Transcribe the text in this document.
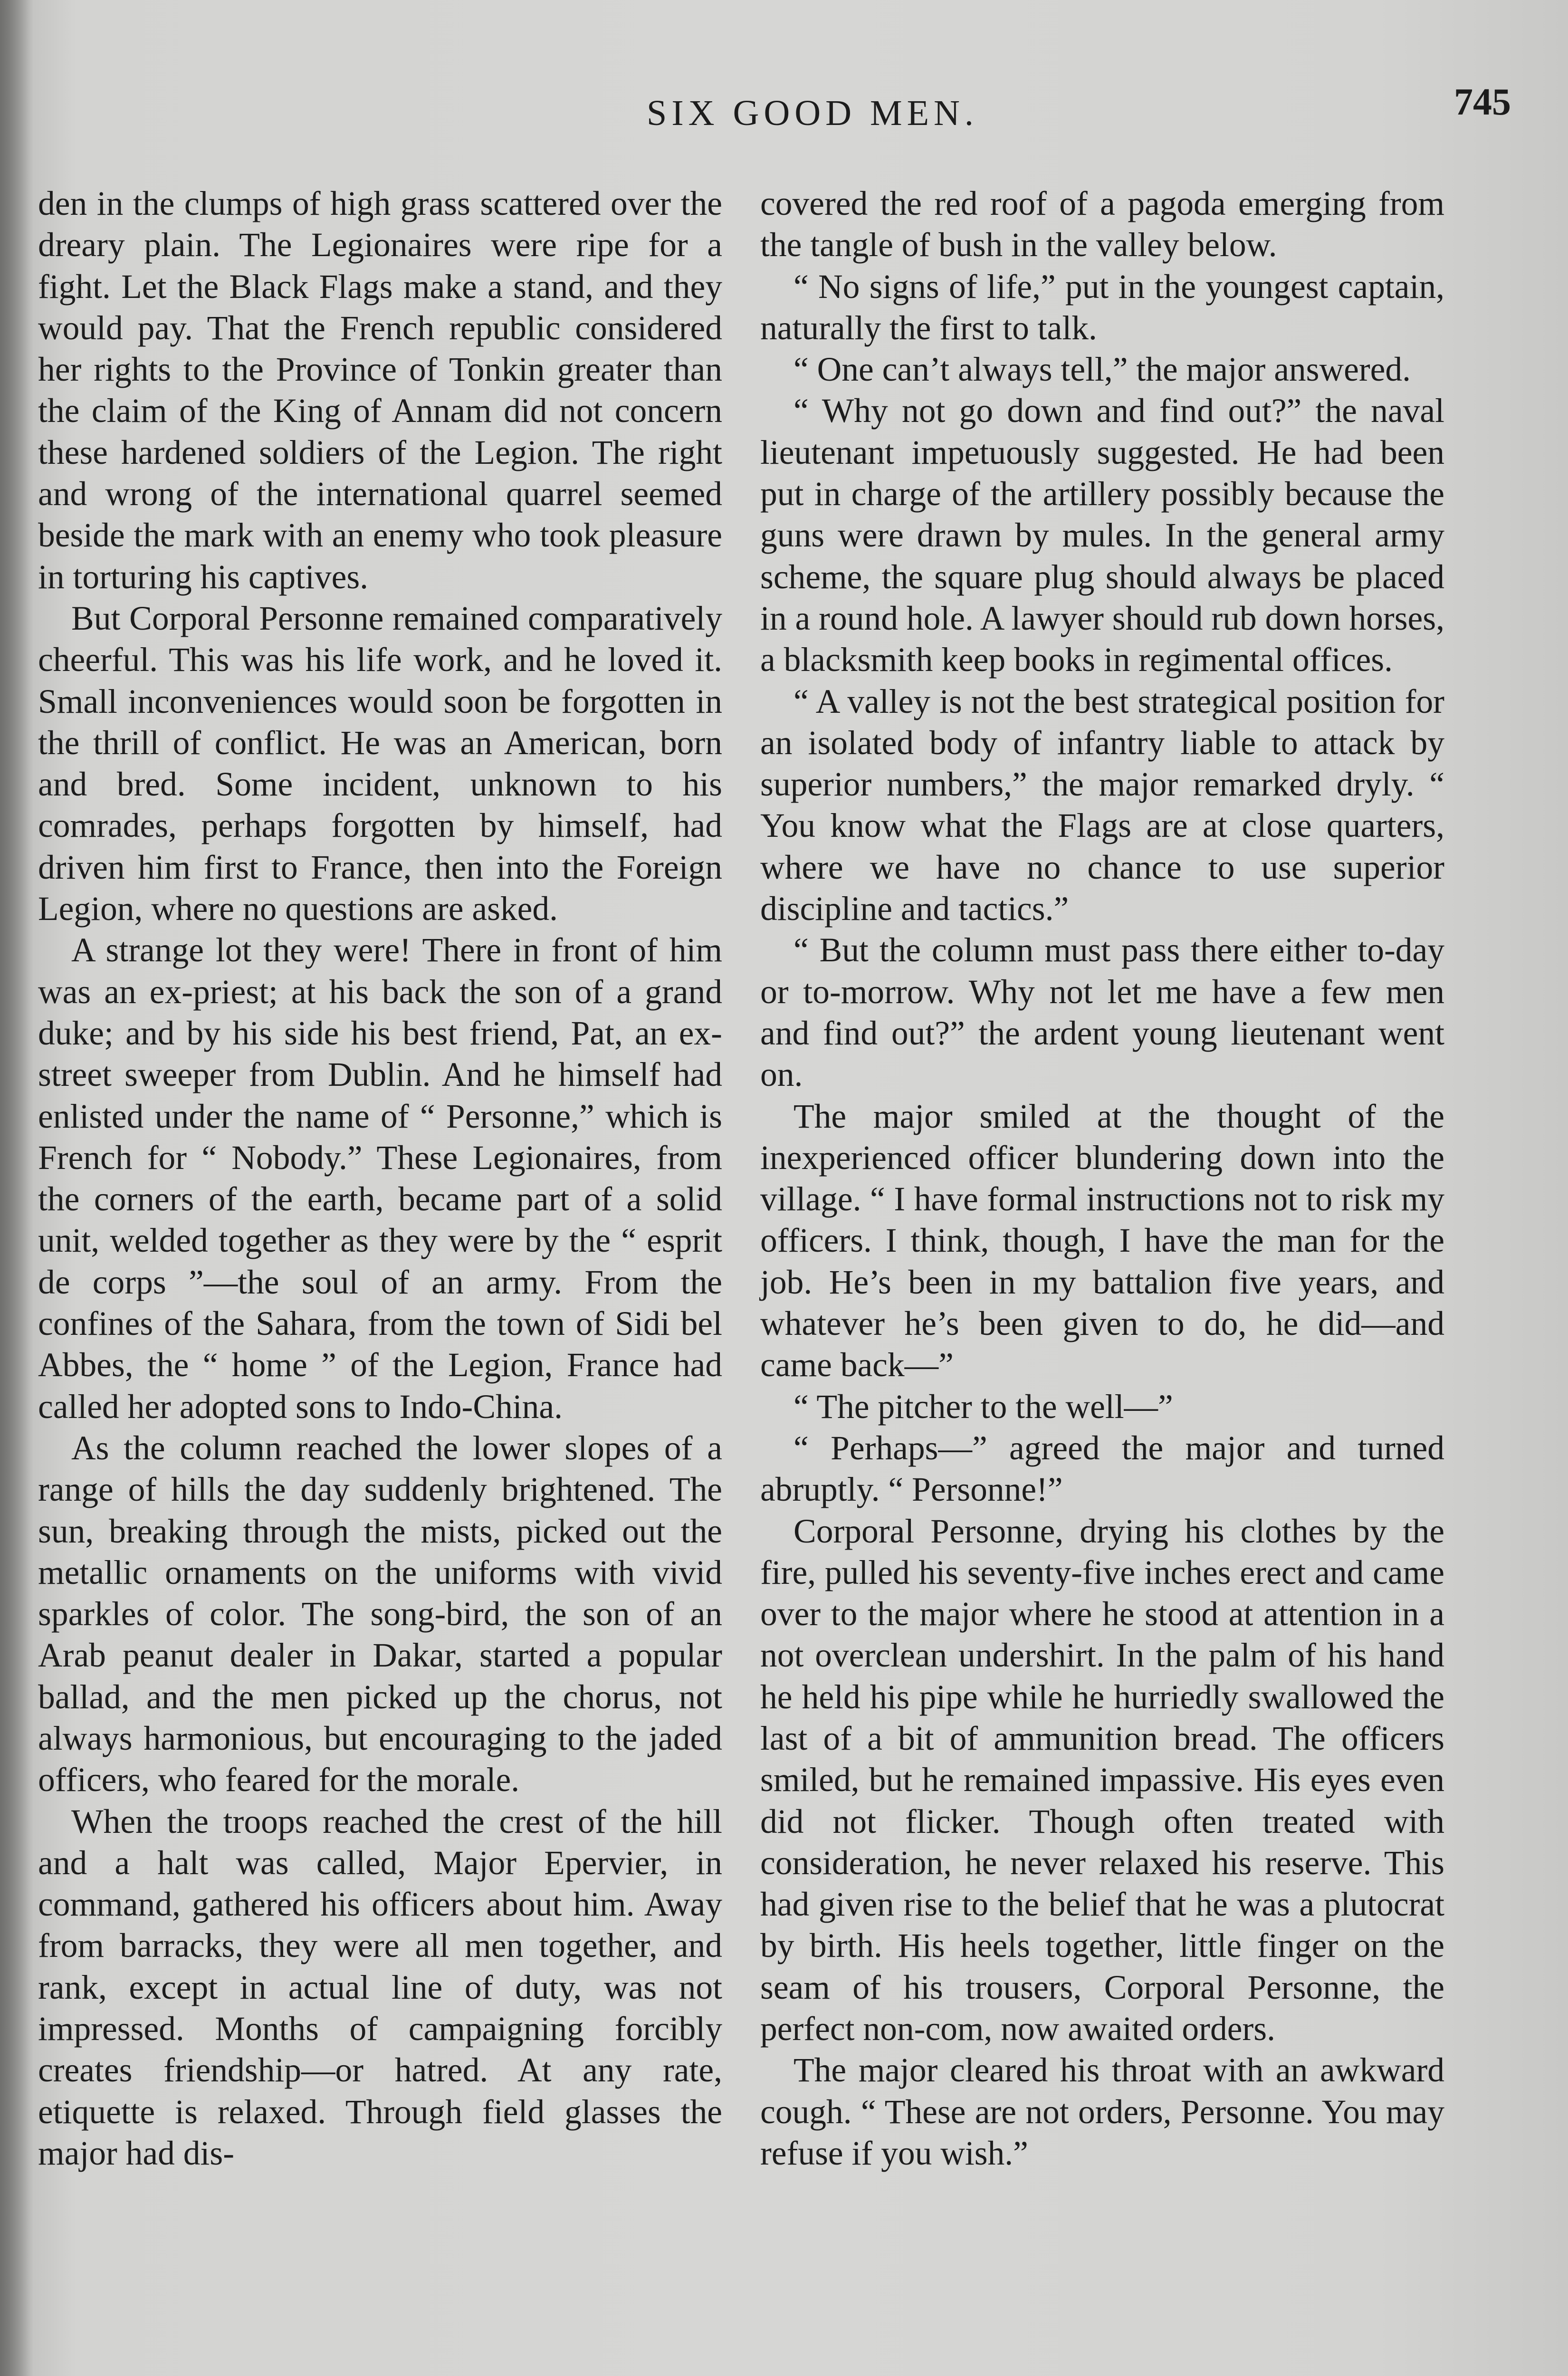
SIX GOOD MEN.	745

den in the clumps of high grass scattered over the dreary plain. The Legionaires were ripe for a fight. Let the Black Flags make a stand, and they would pay. That the French republic considered her rights to the Province of Tonkin greater than the claim of the King of Annam did not concern these hardened soldiers of the Legion. The right and wrong of the international quarrel seemed beside the mark with an enemy who took pleasure in torturing his captives.

But Corporal Personne remained comparatively cheerful. This was his life work, and he loved it. Small inconveniences would soon be forgotten in the thrill of conflict. He was an American, born and bred. Some incident, unknown to his comrades, perhaps forgotten by himself, had driven him first to France, then into the Foreign Legion, where no questions are asked.

A strange lot they were! There in front of him was an ex-priest; at his back the son of a grand duke; and by his side his best friend, Pat, an ex-street sweeper from Dublin. And he himself had enlisted under the name of “ Personne,” which is French for “ Nobody.” These Legionaires, from the corners of the earth, became part of a solid unit, welded together as they were by the “ esprit de corps ”—the soul of an army. From the confines of the Sahara, from the town of Sidi bel Abbes, the “ home ” of the Legion, France had called her adopted sons to Indo-China.

As the column reached the lower slopes of a range of hills the day suddenly brightened. The sun, breaking through the mists, picked out the metallic ornaments on the uniforms with vivid sparkles of color. The song-bird, the son of an Arab peanut dealer in Dakar, started a popular ballad, and the men picked up the chorus, not always harmonious, but encouraging to the jaded officers, who feared for the morale.

When the troops reached the crest of the hill and a halt was called, Major Epervier, in command, gathered his officers about him. Away from barracks, they were all men together, and rank, except in actual line of duty, was not impressed. Months of campaigning forcibly creates friendship—or hatred. At any rate, etiquette is relaxed. Through field glasses the major had dis-

covered the red roof of a pagoda emerging from the tangle of bush in the valley below.

“ No signs of life,” put in the youngest captain, naturally the first to talk.

“ One can’t always tell,” the major answered.

“ Why not go down and find out?” the naval lieutenant impetuously suggested. He had been put in charge of the artillery possibly because the guns were drawn by mules. In the general army scheme, the square plug should always be placed in a round hole. A lawyer should rub down horses, a blacksmith keep books in regimental offices.

“ A valley is not the best strategical position for an isolated body of infantry liable to attack by superior numbers,” the major remarked dryly. “ You know what the Flags are at close quarters, where we have no chance to use superior discipline and tactics.”

“ But the column must pass there either to-day or to-morrow. Why not let me have a few men and find out?” the ardent young lieutenant went on.

The major smiled at the thought of the inexperienced officer blundering down into the village. “ I have formal instructions not to risk my officers. I think, though, I have the man for the job. He’s been in my battalion five years, and whatever he’s been given to do, he did—and came back—”

“ The pitcher to the well—”

“ Perhaps—” agreed the major and turned abruptly. “ Personne!”

Corporal Personne, drying his clothes by the fire, pulled his seventy-five inches erect and came over to the major where he stood at attention in a not overclean undershirt. In the palm of his hand he held his pipe while he hurriedly swallowed the last of a bit of ammunition bread. The officers smiled, but he remained impassive. His eyes even did not flicker. Though often treated with consideration, he never relaxed his reserve. This had given rise to the belief that he was a plutocrat by birth. His heels together, little finger on the seam of his trousers, Corporal Personne, the perfect non-com, now awaited orders.

The major cleared his throat with an awkward cough. “ These are not orders, Personne. You may refuse if you wish.”
